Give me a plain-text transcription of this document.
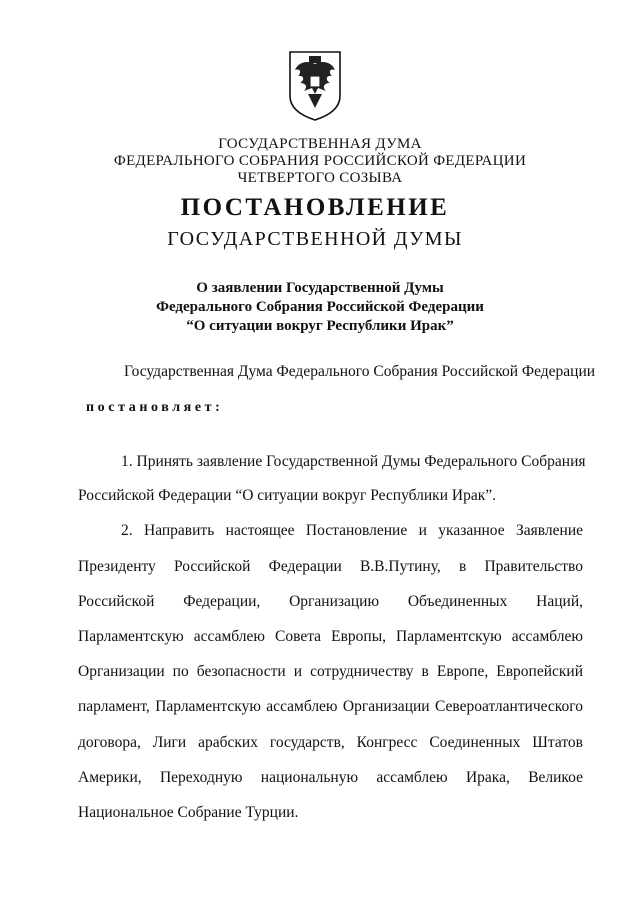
ГОСУДАРСТВЕННАЯ ДУМА
ФЕДЕРАЛЬНОГО СОБРАНИЯ РОССИЙСКОЙ ФЕДЕРАЦИИ
ЧЕТВЕРТОГО СОЗЫВА
ПОСТАНОВЛЕНИЕ
ГОСУДАРСТВЕННОЙ ДУМЫ
О заявлении Государственной Думы
Федерального Собрания Российской Федерации
“О ситуации вокруг Республики Ирак”
Государственная Дума Федерального Собрания Российской Федерации
постановляет:
1. Принять заявление Государственной Думы Федерального Собрания
Российской Федерации “О ситуации вокруг Республики Ирак”.
2. Направить настоящее Постановление и указанное Заявление
Президенту Российской Федерации В.В.Путину, в Правительство
Российской Федерации, Организацию Объединенных Наций,
Парламентскую ассамблею Совета Европы, Парламентскую ассамблею
Организации по безопасности и сотрудничеству в Европе, Европейский
парламент, Парламентскую ассамблею Организации Североатлантического
договора, Лиги арабских государств, Конгресс Соединенных Штатов
Америки, Переходную национальную ассамблею Ирака, Великое
Национальное Собрание Турции.
